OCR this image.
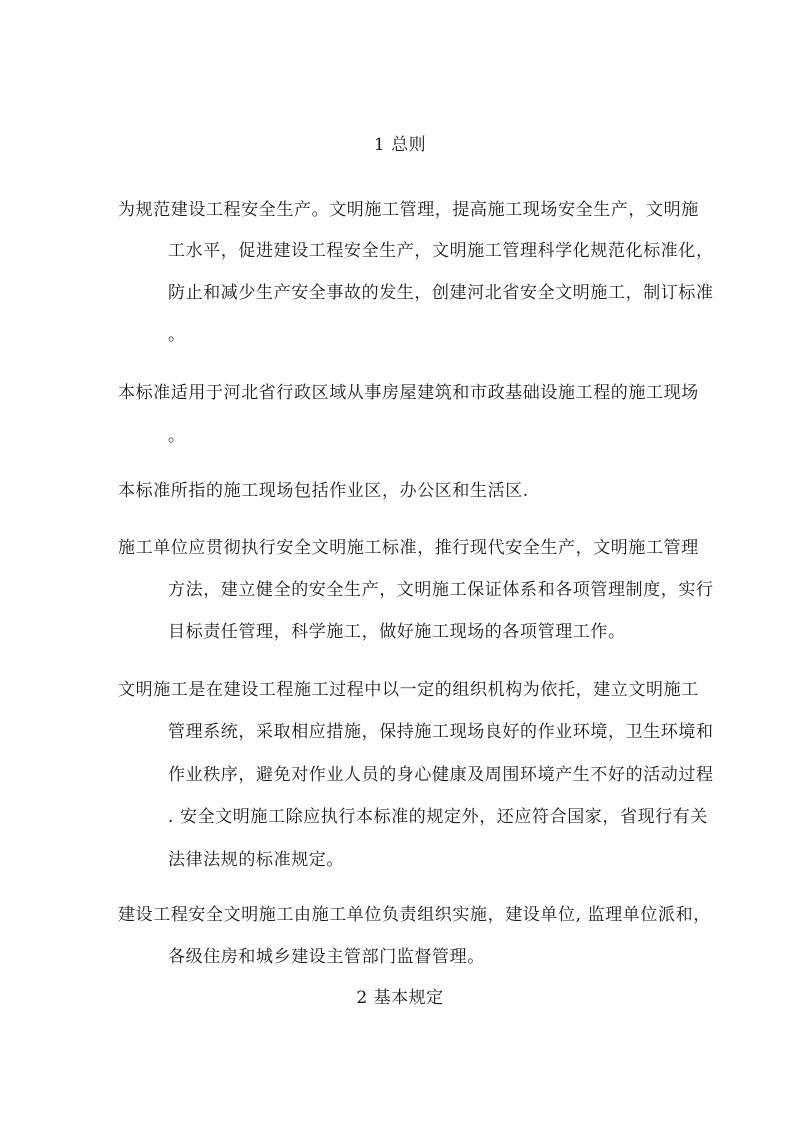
1 总则
为规范建设工程安全生产。文明施工管理，提高施工现场安全生产，文明施
工水平，促进建设工程安全生产，文明施工管理科学化规范化标准化，
防止和减少生产安全事故的发生，创建河北省安全文明施工，制订标准
。
本标准适用于河北省行政区域从事房屋建筑和市政基础设施工程的施工现场
。
本标准所指的施工现场包括作业区，办公区和生活区.
施工单位应贯彻执行安全文明施工标准，推行现代安全生产，文明施工管理
方法，建立健全的安全生产，文明施工保证体系和各项管理制度，实行
目标责任管理，科学施工，做好施工现场的各项管理工作。
文明施工是在建设工程施工过程中以一定的组织机构为依托，建立文明施工
管理系统，采取相应措施，保持施工现场良好的作业环境，卫生环境和
作业秩序，避免对作业人员的身心健康及周围环境产生不好的活动过程
. 安全文明施工除应执行本标准的规定外，还应符合国家，省现行有关
法律法规的标准规定。
建设工程安全文明施工由施工单位负责组织实施，建设单位, 监理单位派和，
各级住房和城乡建设主管部门监督管理。
2 基本规定
